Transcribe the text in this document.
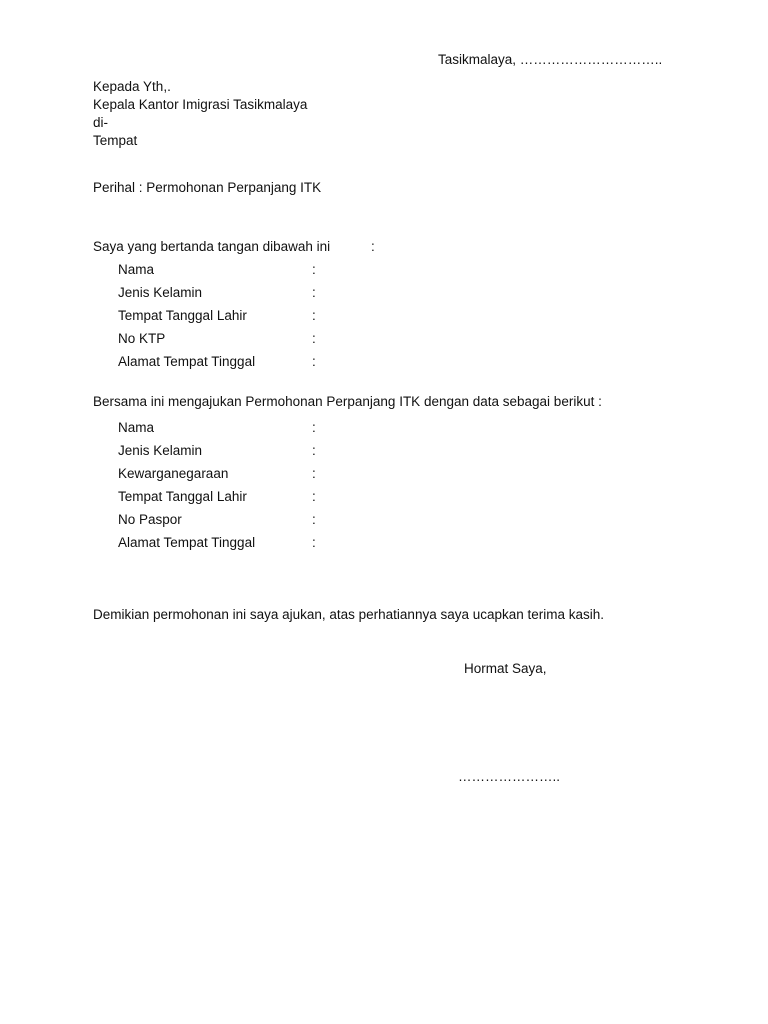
Tasikmalaya, …………………………..
Kepada Yth,.
Kepala Kantor Imigrasi Tasikmalaya
di-
Tempat
Perihal : Permohonan Perpanjang ITK
Saya yang bertanda tangan dibawah ini	:
Nama	:
Jenis Kelamin	:
Tempat Tanggal Lahir	:
No KTP	:
Alamat Tempat Tinggal	:
Bersama ini mengajukan Permohonan Perpanjang ITK dengan data sebagai berikut :
Nama	:
Jenis Kelamin	:
Kewarganegaraan	:
Tempat Tanggal Lahir	:
No Paspor	:
Alamat Tempat Tinggal	:
Demikian permohonan ini saya ajukan, atas perhatiannya saya ucapkan terima kasih.
Hormat Saya,
…………………..
